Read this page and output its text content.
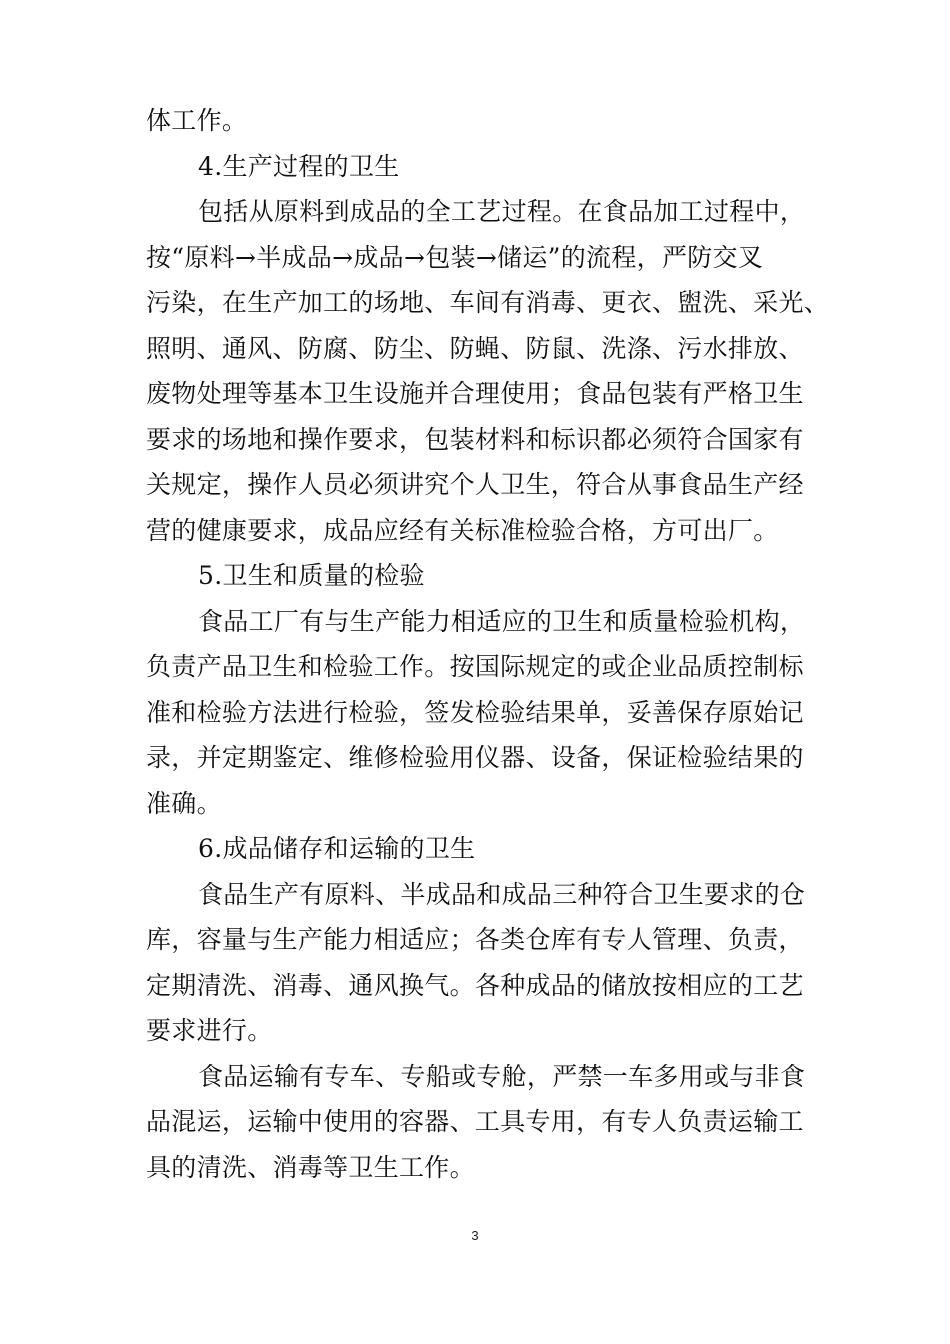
体工作。
4.生产过程的卫生
包括从原料到成品的全工艺过程。在食品加工过程中，
按“原料→半成品→成品→包装→储运”的流程，严防交叉
污染，在生产加工的场地、车间有消毒、更衣、盥洗、采光、
照明、通风、防腐、防尘、防蝇、防鼠、洗涤、污水排放、
废物处理等基本卫生设施并合理使用；食品包装有严格卫生
要求的场地和操作要求，包装材料和标识都必须符合国家有
关规定，操作人员必须讲究个人卫生，符合从事食品生产经
营的健康要求，成品应经有关标准检验合格，方可出厂。
5.卫生和质量的检验
食品工厂有与生产能力相适应的卫生和质量检验机构，
负责产品卫生和检验工作。按国际规定的或企业品质控制标
准和检验方法进行检验，签发检验结果单，妥善保存原始记
录，并定期鉴定、维修检验用仪器、设备，保证检验结果的
准确。
6.成品储存和运输的卫生
食品生产有原料、半成品和成品三种符合卫生要求的仓
库，容量与生产能力相适应；各类仓库有专人管理、负责，
定期清洗、消毒、通风换气。各种成品的储放按相应的工艺
要求进行。
食品运输有专车、专船或专舱，严禁一车多用或与非食
品混运，运输中使用的容器、工具专用，有专人负责运输工
具的清洗、消毒等卫生工作。
3
